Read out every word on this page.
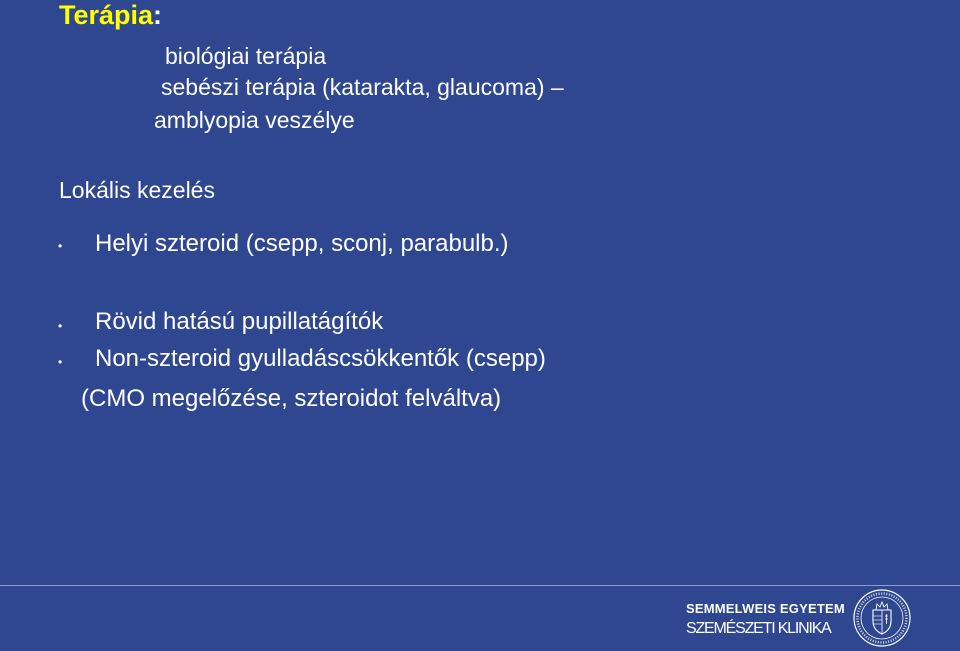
Terápia:
biológiai terápia
sebészi terápia (katarakta, glaucoma) –
amblyopia veszélye
Lokális kezelés
• Helyi szteroid (csepp, sconj, parabulb.)
• Rövid hatású pupillatágítók
• Non-szteroid gyulladáscsökkentők (csepp)
(CMO megelőzése, szteroidot felváltva)
SEMMELWEIS EGYETEM
SZEMÉSZETI KLINIKA
